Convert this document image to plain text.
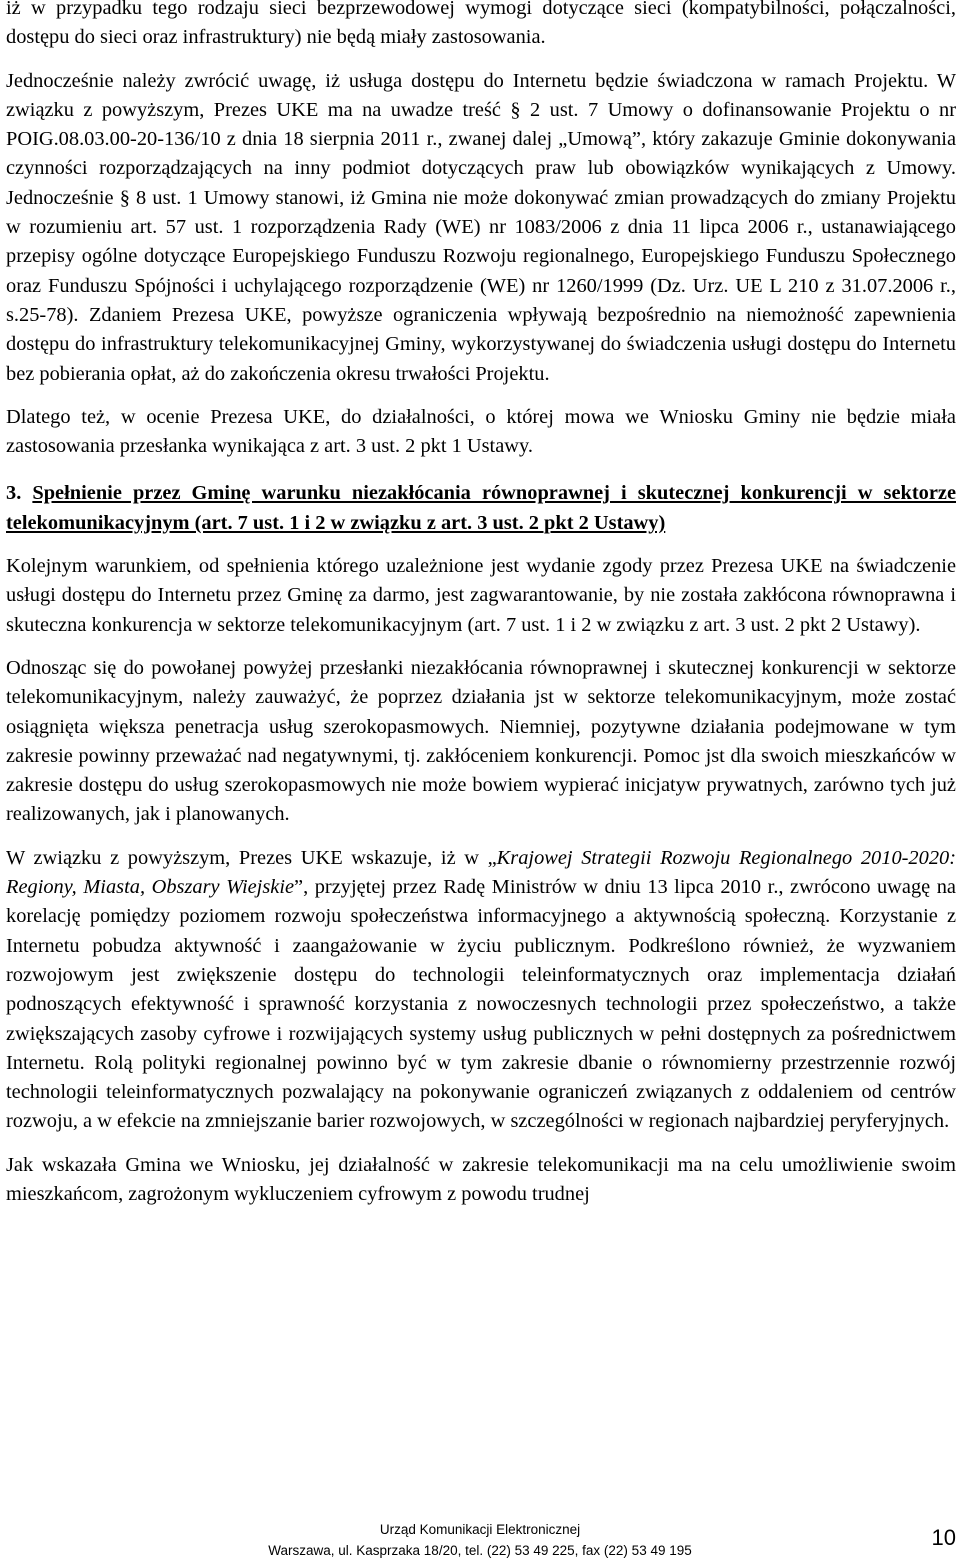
iż w przypadku tego rodzaju sieci bezprzewodowej wymogi dotyczące sieci (kompatybilności, połączalności, dostępu do sieci oraz infrastruktury) nie będą miały zastosowania.

Jednocześnie należy zwrócić uwagę, iż usługa dostępu do Internetu będzie świadczona w ramach Projektu. W związku z powyższym, Prezes UKE ma na uwadze treść § 2 ust. 7 Umowy o dofinansowanie Projektu o nr POIG.08.03.00-20-136/10 z dnia 18 sierpnia 2011 r., zwanej dalej „Umową”, który zakazuje Gminie dokonywania czynności rozporządzających na inny podmiot dotyczących praw lub obowiązków wynikających z Umowy. Jednocześnie § 8 ust. 1 Umowy stanowi, iż Gmina nie może dokonywać zmian prowadzących do zmiany Projektu w rozumieniu art. 57 ust. 1 rozporządzenia Rady (WE) nr 1083/2006 z dnia 11 lipca 2006 r., ustanawiającego przepisy ogólne dotyczące Europejskiego Funduszu Rozwoju regionalnego, Europejskiego Funduszu Społecznego oraz Funduszu Spójności i uchylającego rozporządzenie (WE) nr 1260/1999 (Dz. Urz. UE L 210 z 31.07.2006 r., s.25-78). Zdaniem Prezesa UKE, powyższe ograniczenia wpływają bezpośrednio na niemożność zapewnienia dostępu do infrastruktury telekomunikacyjnej Gminy, wykorzystywanej do świadczenia usługi dostępu do Internetu bez pobierania opłat, aż do zakończenia okresu trwałości Projektu.

Dlatego też, w ocenie Prezesa UKE, do działalności, o której mowa we Wniosku Gminy nie będzie miała zastosowania przesłanka wynikająca z art. 3 ust. 2 pkt 1 Ustawy.

3. Spełnienie przez Gminę warunku niezakłócania równoprawnej i skutecznej konkurencji w sektorze telekomunikacyjnym (art. 7 ust. 1 i 2 w związku z art. 3 ust. 2 pkt 2 Ustawy)

Kolejnym warunkiem, od spełnienia którego uzależnione jest wydanie zgody przez Prezesa UKE na świadczenie usługi dostępu do Internetu przez Gminę za darmo, jest zagwarantowanie, by nie została zakłócona równoprawna i skuteczna konkurencja w sektorze telekomunikacyjnym (art. 7 ust. 1 i 2 w związku z art. 3 ust. 2 pkt 2 Ustawy).

Odnosząc się do powołanej powyżej przesłanki niezakłócania równoprawnej i skutecznej konkurencji w sektorze telekomunikacyjnym, należy zauważyć, że poprzez działania jst w sektorze telekomunikacyjnym, może zostać osiągnięta większa penetracja usług szerokopasmowych. Niemniej, pozytywne działania podejmowane w tym zakresie powinny przeważać nad negatywnymi, tj. zakłóceniem konkurencji. Pomoc jst dla swoich mieszkańców w zakresie dostępu do usług szerokopasmowych nie może bowiem wypierać inicjatyw prywatnych, zarówno tych już realizowanych, jak i planowanych.

W związku z powyższym, Prezes UKE wskazuje, iż w „Krajowej Strategii Rozwoju Regionalnego 2010-2020: Regiony, Miasta, Obszary Wiejskie”, przyjętej przez Radę Ministrów w dniu 13 lipca 2010 r., zwrócono uwagę na korelację pomiędzy poziomem rozwoju społeczeństwa informacyjnego a aktywnością społeczną. Korzystanie z Internetu pobudza aktywność i zaangażowanie w życiu publicznym. Podkreślono również, że wyzwaniem rozwojowym jest zwiększenie dostępu do technologii teleinformatycznych oraz implementacja działań podnoszących efektywność i sprawność korzystania z nowoczesnych technologii przez społeczeństwo, a także zwiększających zasoby cyfrowe i rozwijających systemy usług publicznych w pełni dostępnych za pośrednictwem Internetu. Rolą polityki regionalnej powinno być w tym zakresie dbanie o równomierny przestrzennie rozwój technologii teleinformatycznych pozwalający na pokonywanie ograniczeń związanych z oddaleniem od centrów rozwoju, a w efekcie na zmniejszanie barier rozwojowych, w szczególności w regionach najbardziej peryferyjnych.

Jak wskazała Gmina we Wniosku, jej działalność w zakresie telekomunikacji ma na celu umożliwienie swoim mieszkańcom, zagrożonym wykluczeniem cyfrowym z powodu trudnej

Urząd Komunikacji Elektronicznej
Warszawa, ul. Kasprzaka 18/20, tel. (22) 53 49 225, fax (22) 53 49 195
10
